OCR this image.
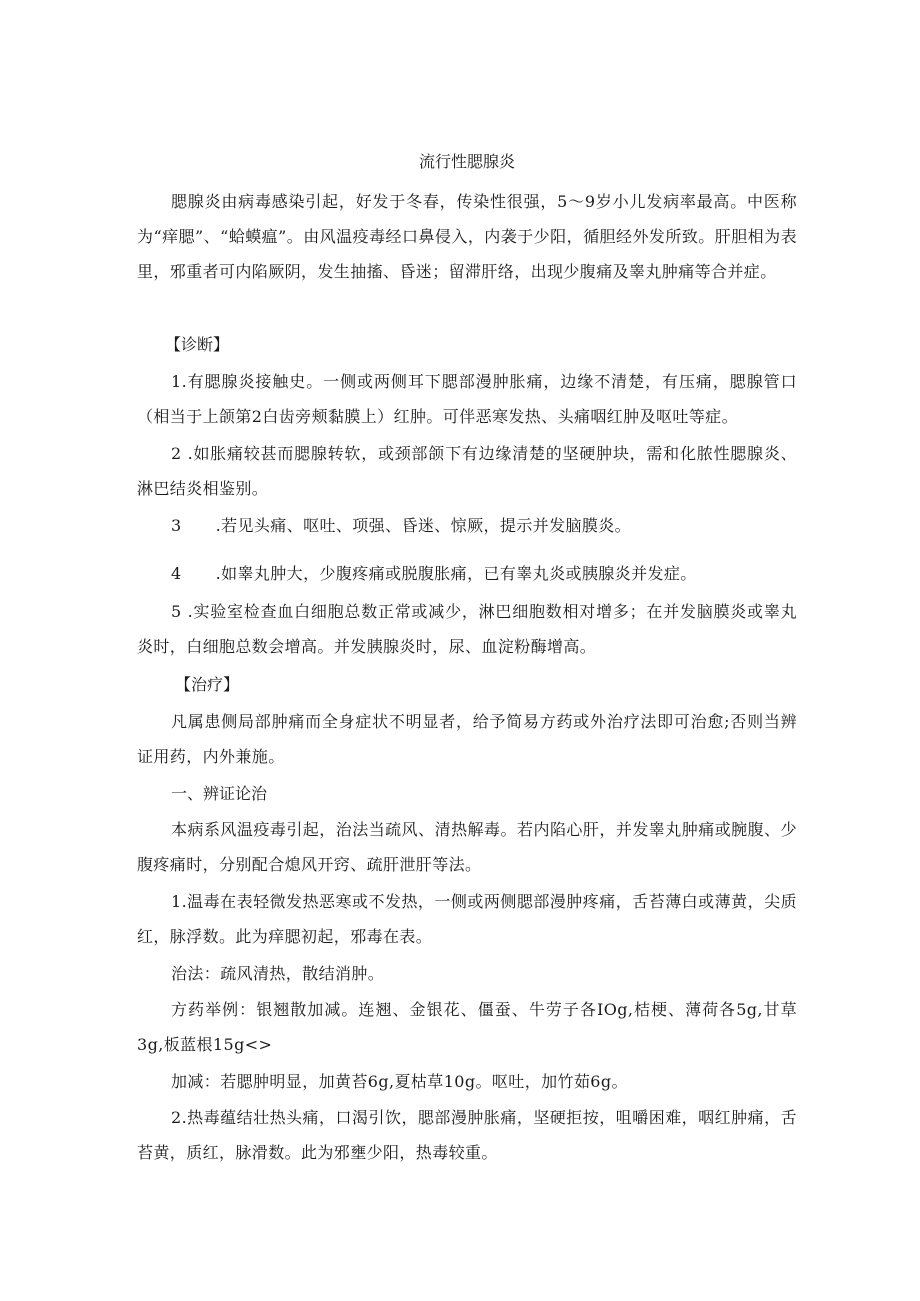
流行性腮腺炎

腮腺炎由病毒感染引起，好发于冬春，传染性很强，5～9岁小儿发病率最高。中医称为“痒腮”、“蛤蟆瘟”。由风温疫毒经口鼻侵入，内袭于少阳，循胆经外发所致。肝胆相为表里，邪重者可内陷厥阴，发生抽搐、昏迷；留滞肝络，出现少腹痛及睾丸肿痛等合并症。

【诊断】

1.有腮腺炎接触史。一侧或两侧耳下腮部漫肿胀痛，边缘不清楚，有压痛，腮腺管口（相当于上颌第2白齿旁颊黏膜上）红肿。可伴恶寒发热、头痛咽红肿及呕吐等症。

2 .如胀痛较甚而腮腺转软，或颈部颌下有边缘清楚的坚硬肿块，需和化脓性腮腺炎、淋巴结炎相鉴别。

3 .若见头痛、呕吐、项强、昏迷、惊厥，提示并发脑膜炎。

4 .如睾丸肿大，少腹疼痛或脱腹胀痛，已有睾丸炎或胰腺炎并发症。

5 .实验室检查血白细胞总数正常或减少，淋巴细胞数相对增多；在并发脑膜炎或睾丸炎时，白细胞总数会增高。并发胰腺炎时，尿、血淀粉酶增高。

【治疗】

凡属患侧局部肿痛而全身症状不明显者，给予简易方药或外治疗法即可治愈;否则当辨证用药，内外兼施。

一、辨证论治

本病系风温疫毒引起，治法当疏风、清热解毒。若内陷心肝，并发睾丸肿痛或腕腹、少腹疼痛时，分别配合熄风开窍、疏肝泄肝等法。

1.温毒在表轻微发热恶寒或不发热，一侧或两侧腮部漫肿疼痛，舌苔薄白或薄黄，尖质红，脉浮数。此为痒腮初起，邪毒在表。

治法：疏风清热，散结消肿。

方药举例：银翘散加减。连翘、金银花、僵蚕、牛劳子各IOg,桔梗、薄荷各5g,甘草3g,板蓝根15g<>

加减：若腮肿明显，加黄苔6g,夏枯草10g。呕吐，加竹茹6g。

2.热毒蕴结壮热头痛，口渴引饮，腮部漫肿胀痛，坚硬拒按，咀嚼困难，咽红肿痛，舌苔黄，质红，脉滑数。此为邪壅少阳，热毒较重。
